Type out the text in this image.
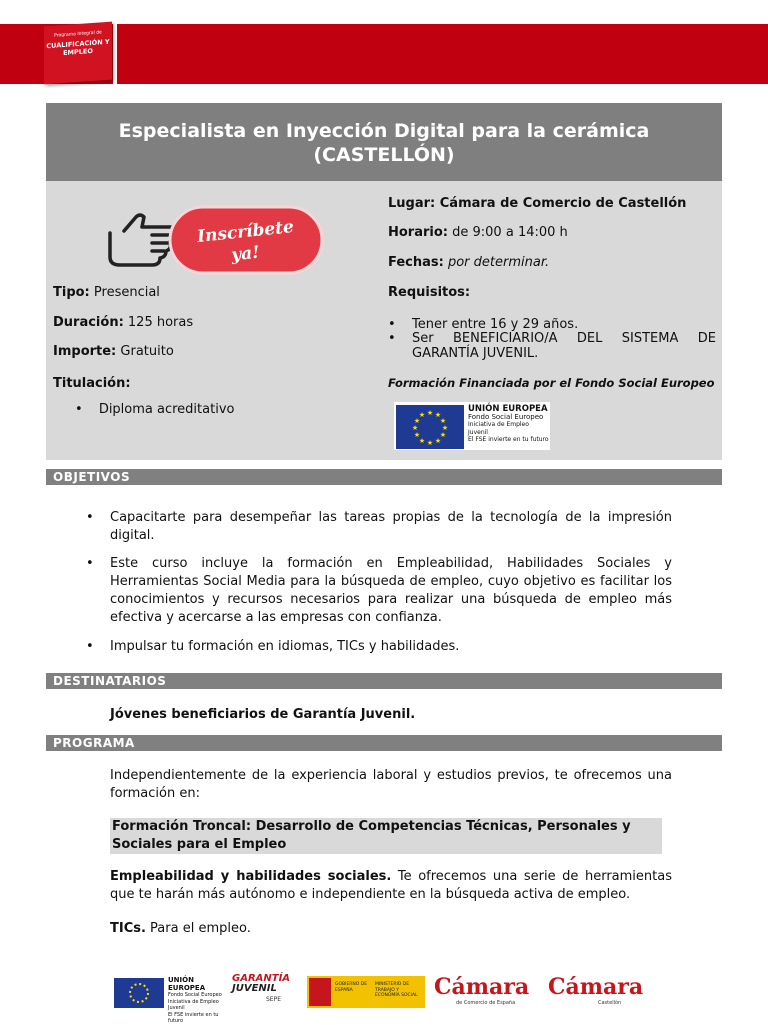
Programa Integral de
CUALIFICACIÓN Y EMPLEO
Especialista en Inyección Digital para la cerámica
(CASTELLÓN)
Inscríbete
ya!
Tipo: Presencial
Duración: 125 horas
Importe: Gratuito
Titulación:
• Diploma acreditativo
Lugar: Cámara de Comercio de Castellón
Horario: de 9:00 a 14:00 h
Fechas: por determinar.
Requisitos:
• Tener entre 16 y 29 años.
• Ser BENEFICIARIO/A DEL SISTEMA DE GARANTÍA JUVENIL.
Formación Financiada por el Fondo Social Europeo
★ ★
★
★
★
★
★
★
★
★
★
★
UNIÓN EUROPEA
Fondo Social Europeo
Iniciativa de Empleo Juvenil
El FSE invierte en tu futuro
OBJETIVOS
• Capacitarte para desempeñar las tareas propias de la tecnología de la impresión digital.
• Este curso incluye la formación en Empleabilidad, Habilidades Sociales y Herramientas Social Media para la búsqueda de empleo, cuyo objetivo es facilitar los conocimientos y recursos necesarios para realizar una búsqueda de empleo más efectiva y acercarse a las empresas con confianza.
• Impulsar tu formación en idiomas, TICs y habilidades.
DESTINATARIOS
Jóvenes beneficiarios de Garantía Juvenil.
PROGRAMA
Independientemente de la experiencia laboral y estudios previos, te ofrecemos una formación en:
Formación Troncal: Desarrollo de Competencias Técnicas, Personales y Sociales para el Empleo
Empleabilidad y habilidades sociales. Te ofrecemos una serie de herramientas que te harán más autónomo e independiente en la búsqueda activa de empleo.
TICs. Para el empleo.
UNIÓN EUROPEA
Fondo Social Europeo
Iniciativa de Empleo Juvenil
El FSE invierte en tu futuro
GARANTÍA
JUVENIL
SEPE
GOBIERNO DE ESPAÑA
MINISTERIO DE TRABAJO Y ECONOMÍA SOCIAL Cámara
de Comercio de España
Cámara
Castellón
